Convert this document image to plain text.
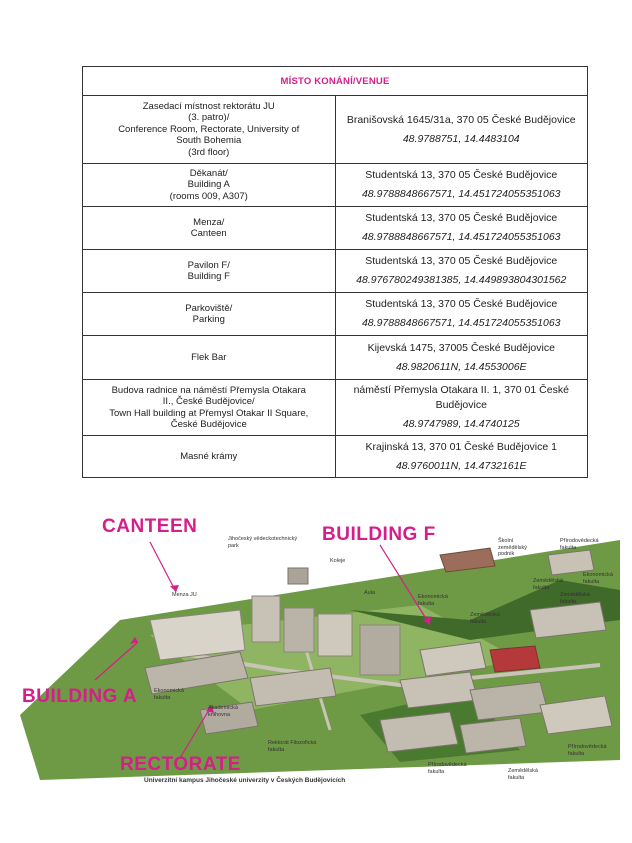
MÍSTO KONÁNÍ/VENUE	

Zasedací místnost rektorátu JU
(3. patro)/
Conference Room, Rectorate, University of
South Bohemia
(3rd floor)	Branišovská 1645/31a, 370 05 České Budějovice
48.9788751, 14.4483104

Děkanát/
Building A
(rooms 009, A307)	Studentská 13, 370 05 České Budějovice
48.9788848667571, 14.451724055351063

Menza/
Canteen	Studentská 13, 370 05 České Budějovice
48.9788848667571, 14.451724055351063

Pavilon F/
Building F	Studentská 13, 370 05 České Budějovice
48.976780249381385, 14.449893804301562

Parkoviště/
Parking	Studentská 13, 370 05 České Budějovice
48.9788848667571, 14.451724055351063

Flek Bar	Kijevská 1475, 37005 České Budějovice
48.9820611N, 14.4553006E

Budova radnice na náměstí Přemysla Otakara
II., České Budějovice/
Town Hall building at Přemysl Otakar II Square,
České Budějovice	náměstí Přemysla Otakara II. 1, 370 01 České Budějovice
48.9747989, 14.4740125

Masné krámy	Krajinská 13, 370 01 České Budějovice 1
48.9760011N, 14.4732161E
CANTEEN	BUILDING F
BUILDING A
RECTORATE
Jihočeský vědeckotechnický park
Koleje
Aula
Menza JU
Školní zemědělský podnik
Přírodovědecká fakulta
Ekonomická fakulta
Zemědělská fakulta
Zemědělská fakulta
Ekonomická fakulta
Zemědělská fakulta
Ekonomická fakulta
Akademická knihovna
Rektorát Filozofická fakulta
Přírodovědecká fakulta	Zemědělská fakulta
Přírodovědecká fakulta
Univerzitní kampus Jihočeské univerzity v Českých Budějovicích
